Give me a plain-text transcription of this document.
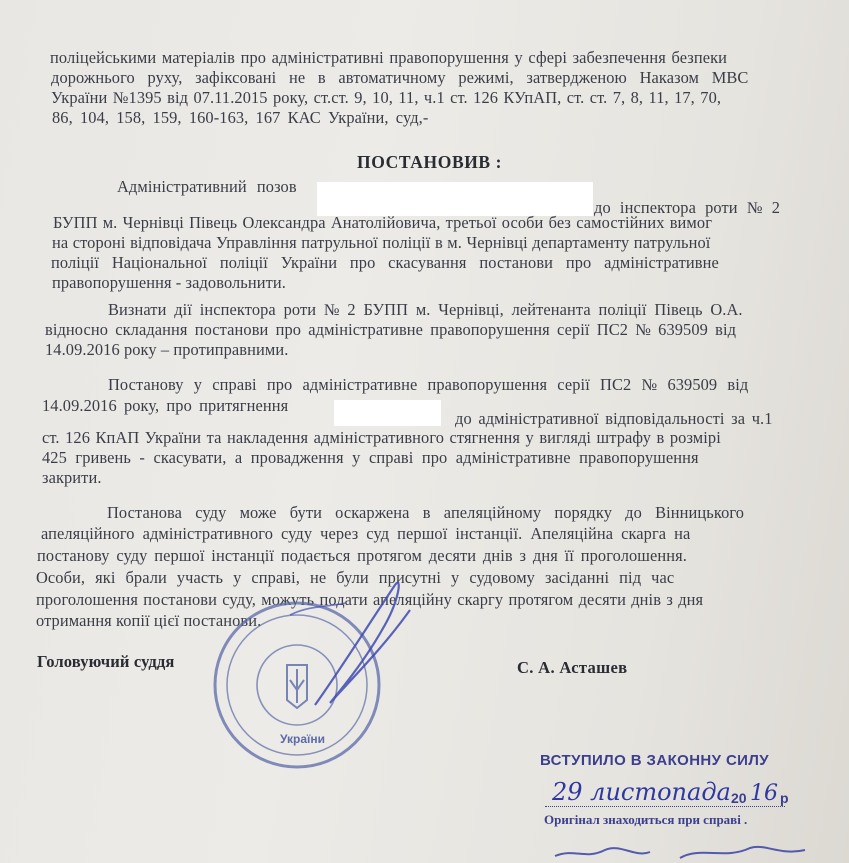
поліцейськими матеріалів про адміністративні правопорушення у сфері забезпечення безпеки
дорожнього руху, зафіксовані не в автоматичному режимі, затвердженою Наказом МВС
України №1395 від 07.11.2015 року, ст.ст. 9, 10, 11, ч.1 ст. 126 КУпАП, ст. ст. 7, 8, 11, 17, 70,
86, 104, 158, 159, 160-163, 167 КАС України, суд,-
ПОСТАНОВИВ :
Адміністративний позов
до інспектора роти № 2
БУПП м. Чернівці Півець Олександра Анатолійовича, третьої особи без самостійних вимог
на стороні відповідача Управління патрульної поліції в м. Чернівці департаменту патрульної
поліції Національної поліції України про скасування постанови про адміністративне
правопорушення - задовольнити.
Визнати дії інспектора роти № 2 БУПП м. Чернівці, лейтенанта поліції Півець О.А.
відносно складання постанови про адміністративне правопорушення серії ПС2 № 639509 від
14.09.2016 року – протиправними.
Постанову у справі про адміністративне правопорушення серії ПС2 № 639509 від
14.09.2016 року, про притягнення
до адміністративної відповідальності за ч.1
ст. 126 КпАП України та накладення адміністративного стягнення у вигляді штрафу в розмірі
425 гривень - скасувати, а провадження у справі про адміністративне правопорушення
закрити.
Постанова суду може бути оскаржена в апеляційному порядку до Вінницького
апеляційного адміністративного суду через суд першої інстанції. Апеляційна скарга на
постанову суду першої інстанції подається протягом десяти днів з дня її проголошення.
Особи, які брали участь у справі, не були присутні у судовому засіданні під час
проголошення постанови суду, можуть подати апеляційну скаргу протягом десяти днів з дня
отримання копії цієї постанови.
Головуючий суддя	С. А. Асташев
України
ВСТУПИЛО В ЗАКОННУ СИЛУ
29 листопада 20 16 р
Оригінал знаходиться при справі .
